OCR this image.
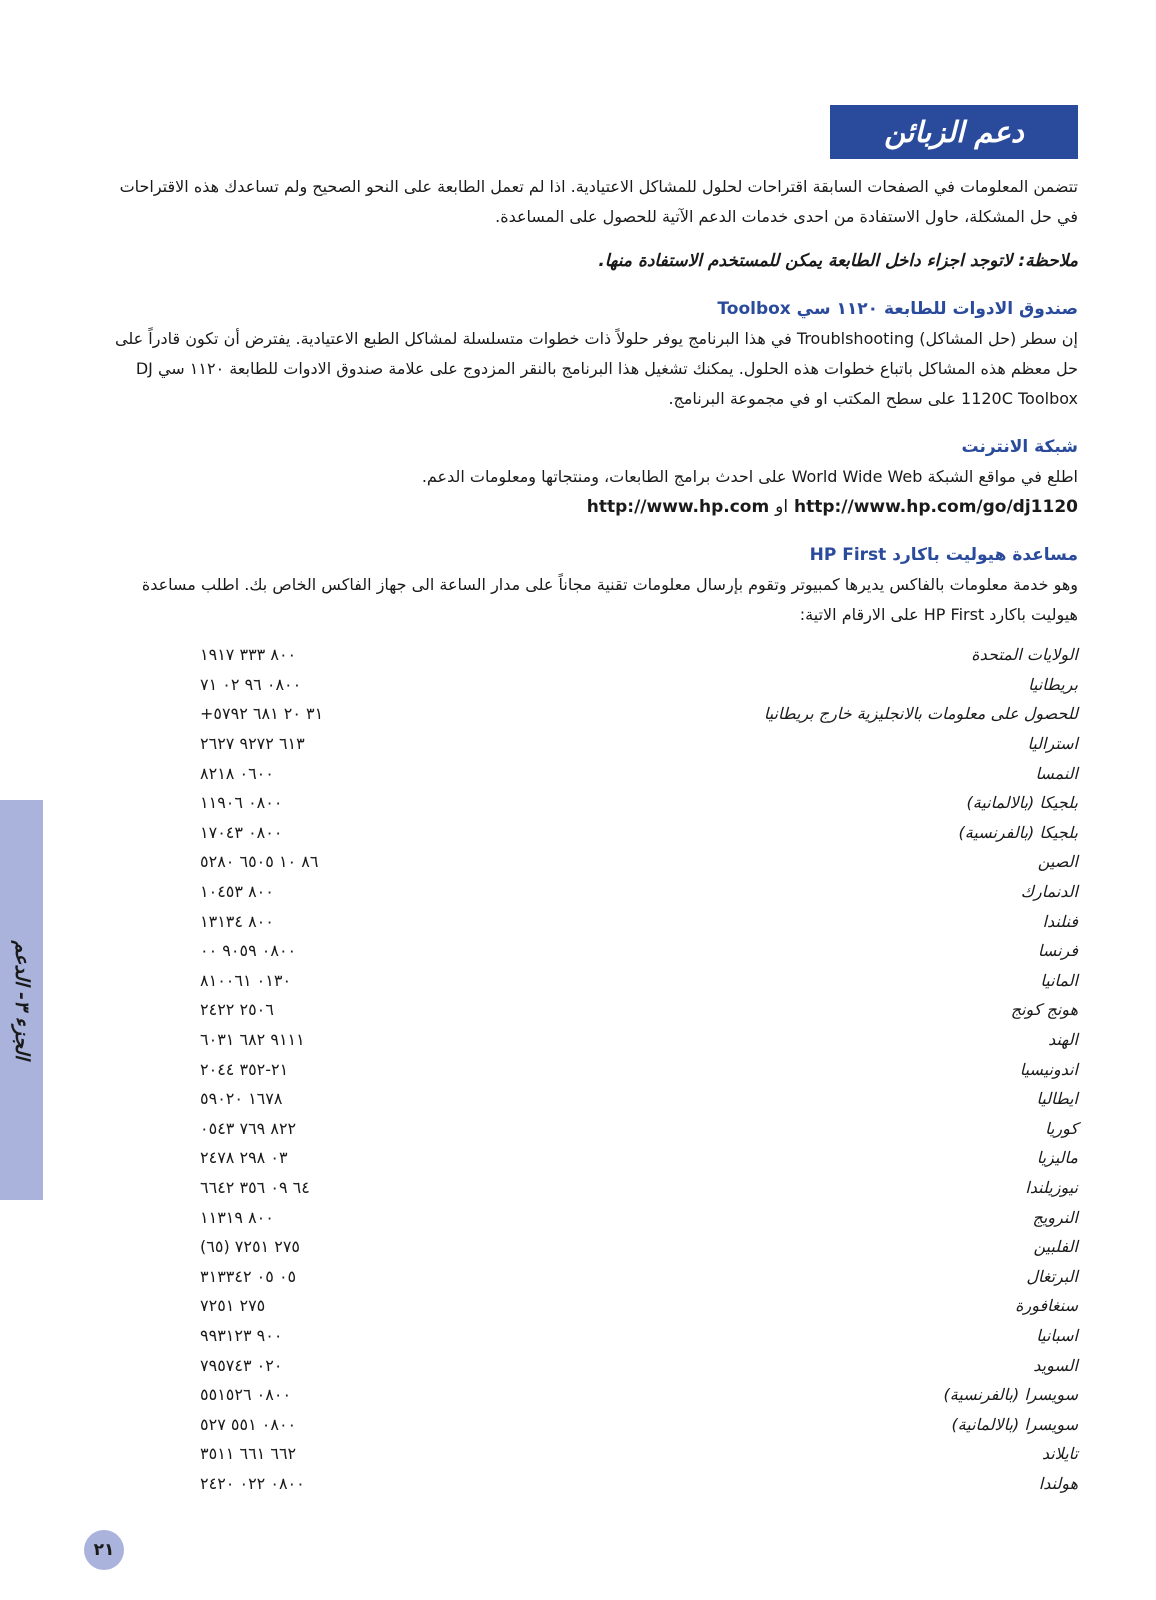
دعم الزبائن

تتضمن المعلومات في الصفحات السابقة اقتراحات لحلول للمشاكل الاعتيادية. اذا لم تعمل الطابعة على النحو الصحيح ولم تساعدك هذه الاقتراحات في حل المشكلة، حاول الاستفادة من احدى خدمات الدعم الآتية للحصول على المساعدة.

ملاحظة: لاتوجد اجزاء داخل الطابعة يمكن للمستخدم الاستفادة منها.
صندوق الادوات للطابعة ١١٢٠ سي Toolbox

إن سطر (حل المشاكل) Troublshooting في هذا البرنامج يوفر حلولاً ذات خطوات متسلسلة لمشاكل الطبع الاعتيادية. يفترض أن تكون قادراً على حل معظم هذه المشاكل باتباع خطوات هذه الحلول. يمكنك تشغيل هذا البرنامج بالنقر المزدوج على علامة صندوق الادوات للطابعة ١١٢٠ سي DJ 1120C Toolbox على سطح المكتب او في مجموعة البرنامج.

شبكة الانترنت

اطلع في مواقع الشبكة World Wide Web على احدث برامج الطابعات، ومنتجاتها ومعلومات الدعم.

http://www.hp.com او http://www.hp.com/go/dj1120
مساعدة هيوليت باكارد HP First

وهو خدمة معلومات بالفاكس يديرها كمبيوتر وتقوم بإرسال معلومات تقنية مجاناً على مدار الساعة الى جهاز الفاكس الخاص بك. اطلب مساعدة هيوليت باكارد HP First على الارقام الاتية:

الولايات المتحدة
٨٠٠ ٣٣٣ ١٩١٧
بريطانيا
٠٨٠٠ ٩٦ ٠٢ ٧١
للحصول على معلومات بالانجليزية خارج بريطانيا
+٣١ ٢٠ ٦٨١ ٥٧٩٢
استراليا
٦١٣ ٩٢٧٢ ٢٦٢٧
النمسا
٠٦٠٠ ٨٢١٨
بلجيكا (بالالمانية)
٠٨٠٠ ١١٩٠٦
بلجيكا (بالفرنسية)
٠٨٠٠ ١٧٠٤٣
الصين
٨٦ ١٠ ٦٥٠٥ ٥٢٨٠
الدنمارك
٨٠٠ ١٠٤٥٣
فنلندا
٨٠٠ ١٣١٣٤
فرنسا
٠٨٠٠ ٩٠٥٩ ٠٠
المانيا
٠١٣٠ ٨١٠٠٦١
هونج كونج
٢٥٠٦ ٢٤٢٢
الهند
٩١١١ ٦٨٢ ٦٠٣١
اندونيسيا
٢١-٣٥٢ ٢٠٤٤
ايطاليا
١٦٧٨ ٥٩٠٢٠
كوريا
٨٢٢ ٧٦٩ ٠٥٤٣
ماليزيا
٠٣ ٢٩٨ ٢٤٧٨
نيوزيلندا
٦٤ ٠٩ ٣٥٦ ٦٦٤٢
النرويج
٨٠٠ ١١٣١٩
الفلبين
(٦٥) ٢٧٥ ٧٢٥١
البرتغال
٠٥ ٠٥ ٣١٣٣٤٢
سنغافورة
٢٧٥ ٧٢٥١
اسبانيا
٩٠٠ ٩٩٣١٢٣
السويد
٠٢٠ ٧٩٥٧٤٣
سويسرا (بالفرنسية)
٠٨٠٠ ٥٥١٥٢٦
سويسرا (بالالمانية)
٠٨٠٠ ٥٥١ ٥٢٧
تايلاند
٦٦٢ ٦٦١ ٣٥١١
هولندا
٠٨٠٠ ٠٢٢ ٢٤٢٠
الجزء ٣- الدعم
٢١
